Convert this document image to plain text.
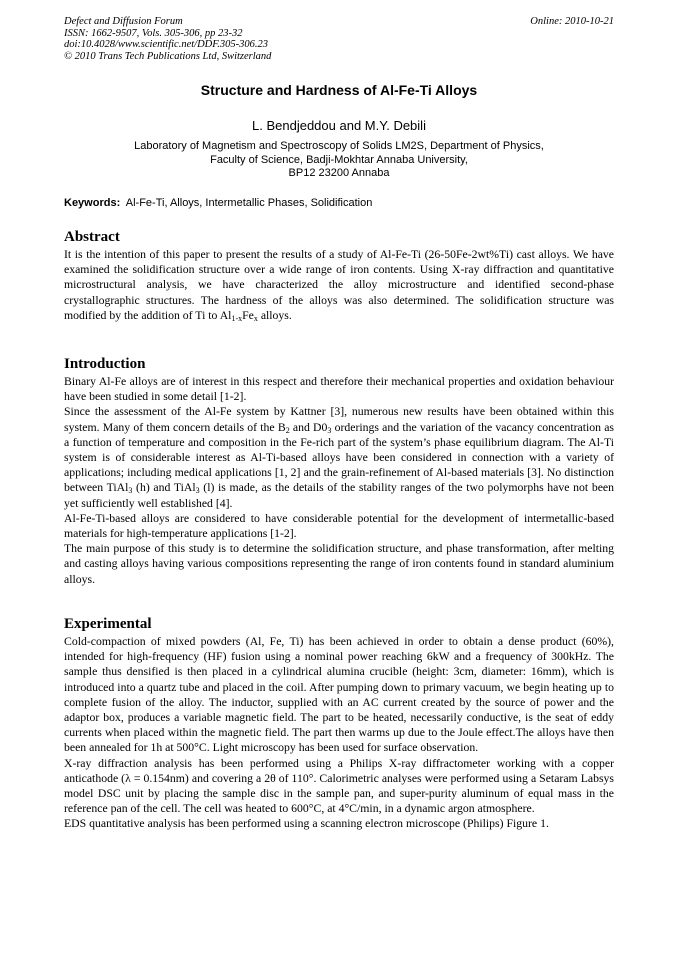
Defect and Diffusion Forum
ISSN: 1662-9507, Vols. 305-306, pp 23-32
doi:10.4028/www.scientific.net/DDF.305-306.23
© 2010 Trans Tech Publications Ltd, Switzerland
Online: 2010-10-21
Structure and Hardness of Al-Fe-Ti Alloys
L. Bendjeddou and M.Y. Debili
Laboratory of Magnetism and Spectroscopy of Solids LM2S, Department of Physics,
Faculty of Science, Badji-Mokhtar Annaba University,
BP12 23200 Annaba
Keywords: Al-Fe-Ti, Alloys, Intermetallic Phases, Solidification
Abstract

It is the intention of this paper to present the results of a study of Al-Fe-Ti (26-50Fe-2wt%Ti) cast alloys. We have examined the solidification structure over a wide range of iron contents. Using X-ray diffraction and quantitative microstructural analysis, we have characterized the alloy microstructure and identified second-phase crystallographic structures. The hardness of the alloys was also determined. The solidification structure was modified by the addition of Ti to $Al_{1-x}Fe_x$ alloys.

Introduction

Binary Al-Fe alloys are of interest in this respect and therefore their mechanical properties and oxidation behaviour have been studied in some detail [1-2].

Since the assessment of the Al-Fe system by Kattner [3], numerous new results have been obtained within this system. Many of them concern details of the $B_2$ and $D0_3$ orderings and the variation of the vacancy concentration as a function of temperature and composition in the Fe-rich part of the system’s phase equilibrium diagram. The Al-Ti system is of considerable interest as Al-Ti-based alloys have been considered in connection with a variety of applications; including medical applications [1, 2] and the grain-refinement of Al-based materials [3]. No distinction between TiAl$_3$ (h) and TiAl$_3$ (l) is made, as the details of the stability ranges of the two polymorphs have not been yet sufficiently well established [4].

Al-Fe-Ti-based alloys are considered to have considerable potential for the development of intermetallic-based materials for high-temperature applications [1-2].

The main purpose of this study is to determine the solidification structure, and phase transformation, after melting and casting alloys having various compositions representing the range of iron contents found in standard aluminium alloys.

Experimental

Cold-compaction of mixed powders (Al, Fe, Ti) has been achieved in order to obtain a dense product (60%), intended for high-frequency (HF) fusion using a nominal power reaching 6kW and a frequency of 300kHz. The sample thus densified is then placed in a cylindrical alumina crucible (height: 3cm, diameter: 16mm), which is introduced into a quartz tube and placed in the coil. After pumping down to primary vacuum, we begin heating up to complete fusion of the alloy. The inductor, supplied with an AC current created by the source of power and the adaptor box, produces a variable magnetic field. The part to be heated, necessarily conductive, is the seat of eddy currents when placed within the magnetic field. The part then warms up due to the Joule effect.The alloys have then been annealed for 1h at 500°C. Light microscopy has been used for surface observation.

X-ray diffraction analysis has been performed using a Philips X-ray diffractometer working with a copper anticathode (λ = 0.154nm) and covering a 2θ of 110°. Calorimetric analyses were performed using a Setaram Labsys model DSC unit by placing the sample disc in the sample pan, and super-purity aluminum of equal mass in the reference pan of the cell. The cell was heated to 600°C, at 4°C/min, in a dynamic argon atmosphere.

EDS quantitative analysis has been performed using a scanning electron microscope (Philips) Figure 1.
